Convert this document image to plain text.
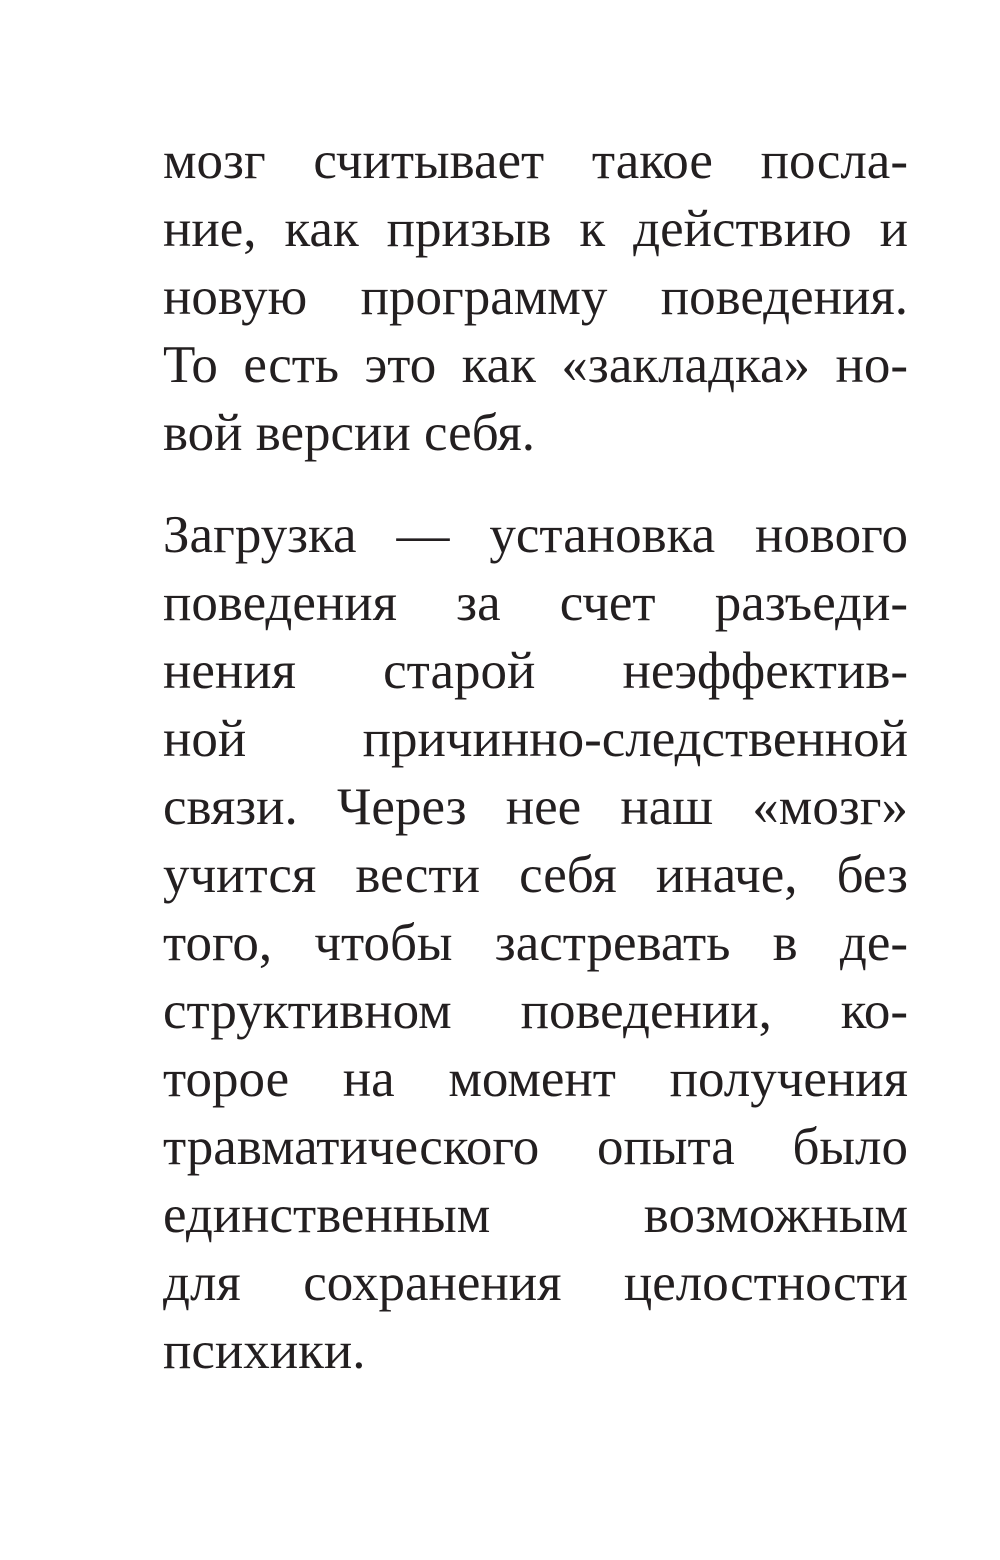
мозг считывает такое посла-
ние, как призыв к действию и
новую программу поведения.
То есть это как «закладка» но-
вой версии себя.
Загрузка — установка нового
поведения за счет разъеди-
нения старой неэффектив-
ной причинно-следственной
связи. Через нее наш «мозг»
учится вести себя иначе, без
того, чтобы застревать в де-
структивном поведении, ко-
торое на момент получения
травматического опыта было
единственным возможным
для сохранения целостности
психики.
